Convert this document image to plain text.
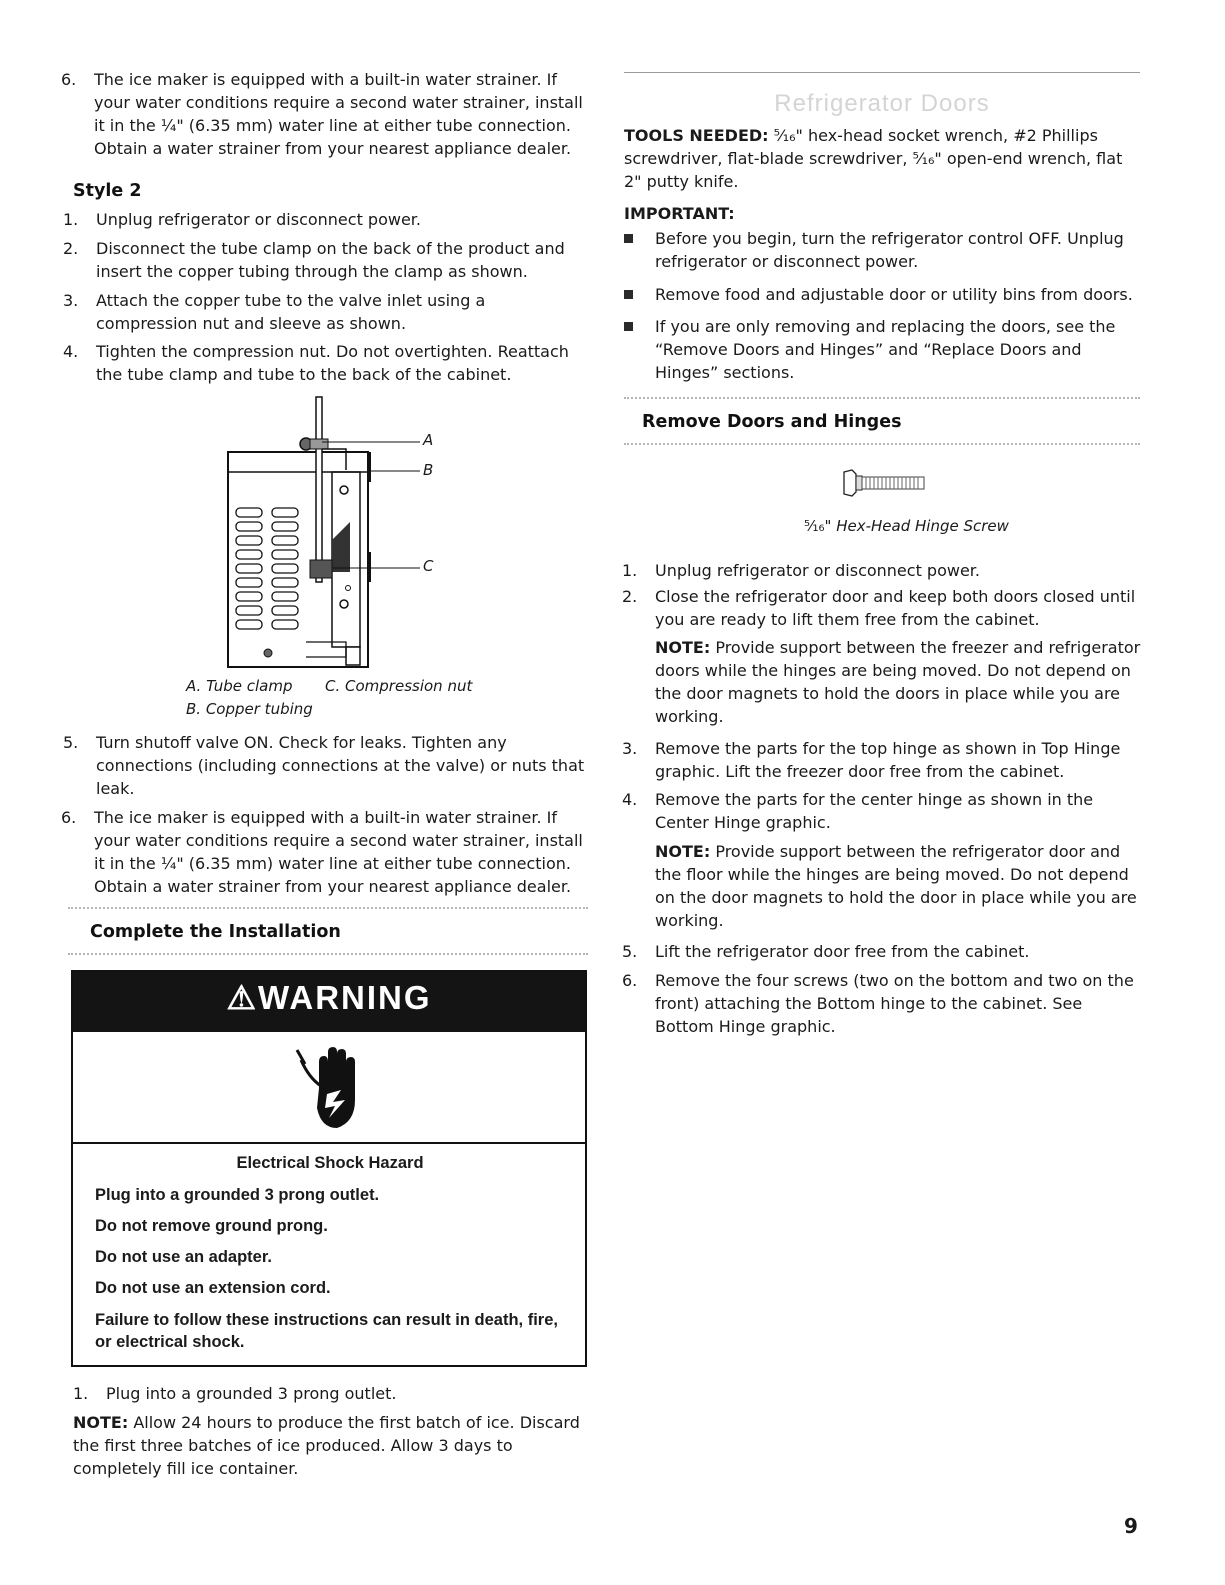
6. The ice maker is equipped with a built-in water strainer. If your water conditions require a second water strainer, install it in the ¼" (6.35 mm) water line at either tube connection. Obtain a water strainer from your nearest appliance dealer.
Style 2
1. Unplug refrigerator or disconnect power.
2. Disconnect the tube clamp on the back of the product and insert the copper tubing through the clamp as shown.
3. Attach the copper tube to the valve inlet using a compression nut and sleeve as shown.
4. Tighten the compression nut. Do not overtighten. Reattach the tube clamp and tube to the back of the cabinet.
A
B
C
A. Tube clamp C. Compression nut
B. Copper tubing
5. Turn shutoff valve ON. Check for leaks. Tighten any connections (including connections at the valve) or nuts that leak.
6. The ice maker is equipped with a built-in water strainer. If your water conditions require a second water strainer, install it in the ¼" (6.35 mm) water line at either tube connection. Obtain a water strainer from your nearest appliance dealer.
Complete the Installation
⚠WARNING
Electrical Shock Hazard
Plug into a grounded 3 prong outlet.
Do not remove ground prong.
Do not use an adapter.
Do not use an extension cord.
Failure to follow these instructions can result in death, fire, or electrical shock.
1. Plug into a grounded 3 prong outlet.
NOTE: Allow 24 hours to produce the first batch of ice. Discard the first three batches of ice produced. Allow 3 days to completely fill ice container.
Refrigerator Doors
TOOLS NEEDED: ⁵⁄₁₆" hex-head socket wrench, #2 Phillips screwdriver, flat-blade screwdriver, ⁵⁄₁₆" open-end wrench, flat 2" putty knife.
IMPORTANT:
Before you begin, turn the refrigerator control OFF. Unplug refrigerator or disconnect power.
Remove food and adjustable door or utility bins from doors.
If you are only removing and replacing the doors, see the “Remove Doors and Hinges” and “Replace Doors and Hinges” sections.
Remove Doors and Hinges
⁵⁄₁₆" Hex-Head Hinge Screw
1. Unplug refrigerator or disconnect power.
2. Close the refrigerator door and keep both doors closed until you are ready to lift them free from the cabinet.
NOTE: Provide support between the freezer and refrigerator doors while the hinges are being moved. Do not depend on the door magnets to hold the doors in place while you are working.
3. Remove the parts for the top hinge as shown in Top Hinge graphic. Lift the freezer door free from the cabinet.
4. Remove the parts for the center hinge as shown in the Center Hinge graphic.
NOTE: Provide support between the refrigerator door and the floor while the hinges are being moved. Do not depend on the door magnets to hold the door in place while you are working.
5. Lift the refrigerator door free from the cabinet.
6. Remove the four screws (two on the bottom and two on the front) attaching the Bottom hinge to the cabinet. See Bottom Hinge graphic.
9
